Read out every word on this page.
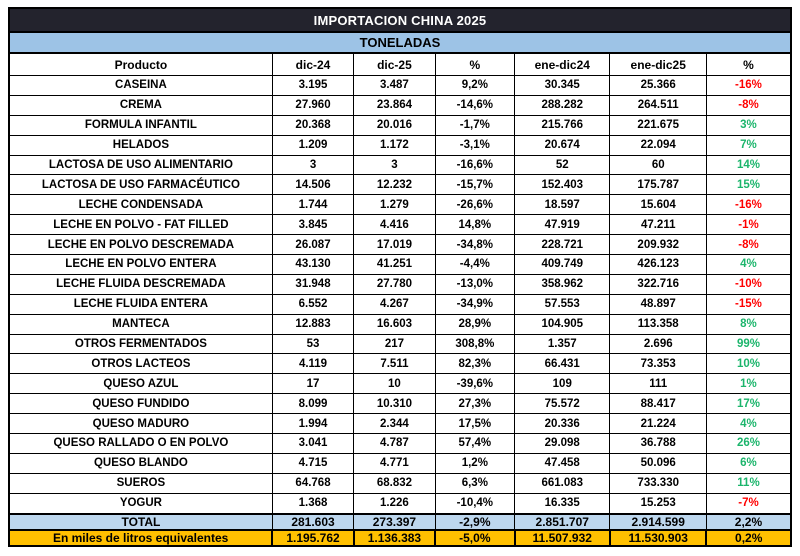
IMPORTACION CHINA 2025						
TONELADAS						
Producto	dic-24	dic-25	%	ene-dic24	ene-dic25	%
CASEINA	3.195	3.487	9,2%	30.345	25.366	-16%
CREMA	27.960	23.864	-14,6%	288.282	264.511	-8%
FORMULA INFANTIL	20.368	20.016	-1,7%	215.766	221.675	3%
HELADOS	1.209	1.172	-3,1%	20.674	22.094	7%
LACTOSA DE USO ALIMENTARIO	3	3	-16,6%	52	60	14%
LACTOSA DE USO FARMACÉUTICO	14.506	12.232	-15,7%	152.403	175.787	15%
LECHE CONDENSADA	1.744	1.279	-26,6%	18.597	15.604	-16%
LECHE EN POLVO - FAT FILLED	3.845	4.416	14,8%	47.919	47.211	-1%
LECHE EN POLVO DESCREMADA	26.087	17.019	-34,8%	228.721	209.932	-8%
LECHE EN POLVO ENTERA	43.130	41.251	-4,4%	409.749	426.123	4%
LECHE FLUIDA DESCREMADA	31.948	27.780	-13,0%	358.962	322.716	-10%
LECHE FLUIDA ENTERA	6.552	4.267	-34,9%	57.553	48.897	-15%
MANTECA	12.883	16.603	28,9%	104.905	113.358	8%
OTROS FERMENTADOS	53	217	308,8%	1.357	2.696	99%
OTROS LACTEOS	4.119	7.511	82,3%	66.431	73.353	10%
QUESO AZUL	17	10	-39,6%	109	111	1%
QUESO FUNDIDO	8.099	10.310	27,3%	75.572	88.417	17%
QUESO MADURO	1.994	2.344	17,5%	20.336	21.224	4%
QUESO RALLADO O EN POLVO	3.041	4.787	57,4%	29.098	36.788	26%
QUESO BLANDO	4.715	4.771	1,2%	47.458	50.096	6%
SUEROS	64.768	68.832	6,3%	661.083	733.330	11%
YOGUR	1.368	1.226	-10,4%	16.335	15.253	-7%
TOTAL	281.603	273.397	-2,9%	2.851.707	2.914.599	2,2%
En miles de litros equivalentes	1.195.762	1.136.383	-5,0%	11.507.932	11.530.903	0,2%
